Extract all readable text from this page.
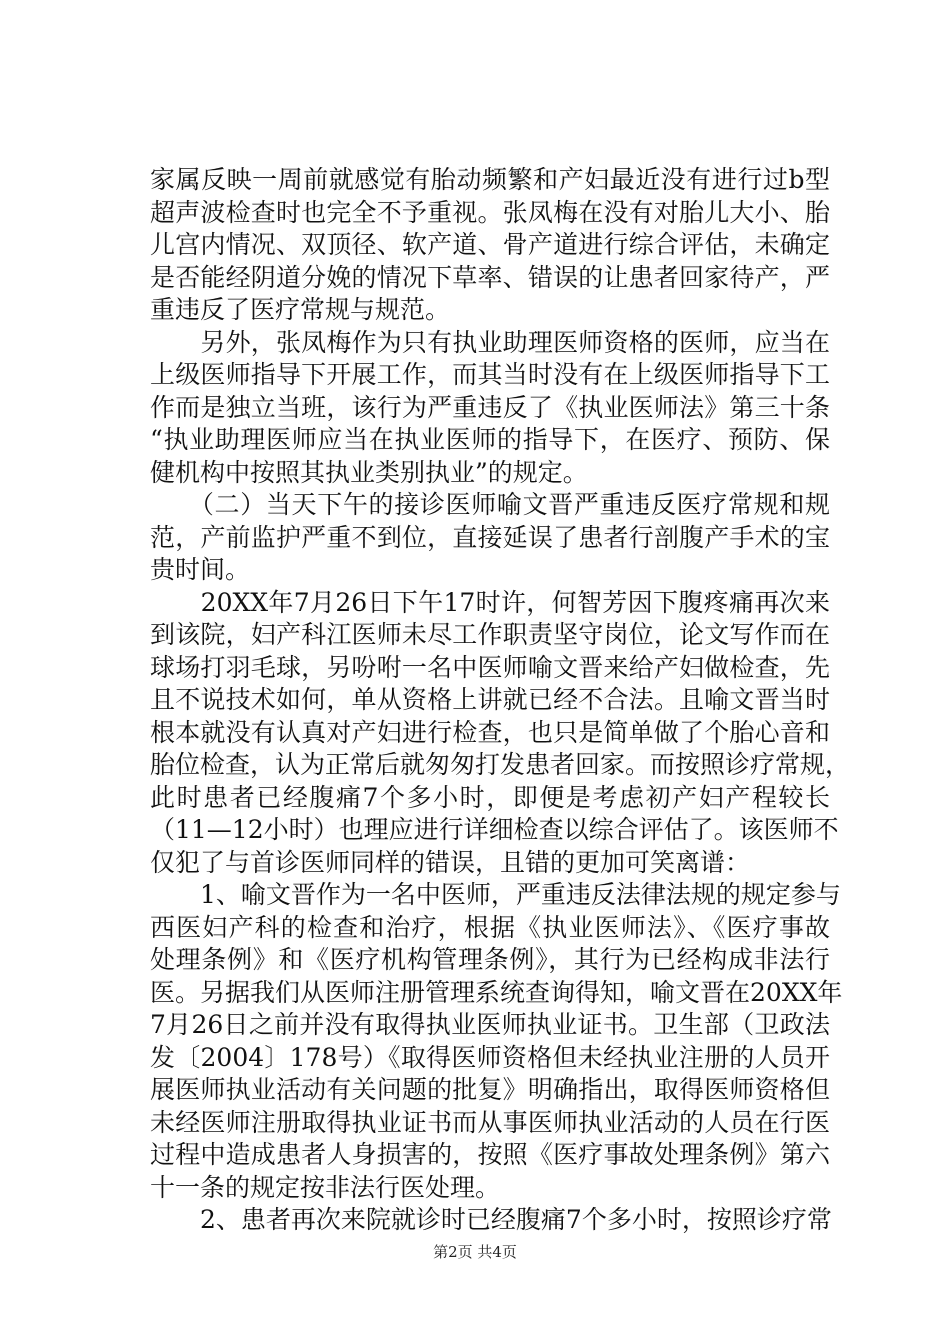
家属反映一周前就感觉有胎动频繁和产妇最近没有进行过b型
超声波检查时也完全不予重视。张凤梅在没有对胎儿大小、胎
儿宫内情况、双顶径、软产道、骨产道进行综合评估，未确定
是否能经阴道分娩的情况下草率、错误的让患者回家待产，严
重违反了医疗常规与规范。
　　另外，张凤梅作为只有执业助理医师资格的医师，应当在
上级医师指导下开展工作，而其当时没有在上级医师指导下工
作而是独立当班，该行为严重违反了《执业医师法》第三十条
“执业助理医师应当在执业医师的指导下，在医疗、预防、保
健机构中按照其执业类别执业”的规定。
　　（二）当天下午的接诊医师喻文晋严重违反医疗常规和规
范，产前监护严重不到位，直接延误了患者行剖腹产手术的宝
贵时间。
　　20XX年7月26日下午17时许，何智芳因下腹疼痛再次来
到该院，妇产科江医师未尽工作职责坚守岗位，论文写作而在
球场打羽毛球，另吩咐一名中医师喻文晋来给产妇做检查，先
且不说技术如何，单从资格上讲就已经不合法。且喻文晋当时
根本就没有认真对产妇进行检查，也只是简单做了个胎心音和
胎位检查，认为正常后就匆匆打发患者回家。而按照诊疗常规，
此时患者已经腹痛7个多小时，即便是考虑初产妇产程较长
（11—12小时）也理应进行详细检查以综合评估了。该医师不
仅犯了与首诊医师同样的错误，且错的更加可笑离谱：
　　1、喻文晋作为一名中医师，严重违反法律法规的规定参与
西医妇产科的检查和治疗，根据《执业医师法》、《医疗事故
处理条例》和《医疗机构管理条例》，其行为已经构成非法行
医。另据我们从医师注册管理系统查询得知，喻文晋在20XX年
7月26日之前并没有取得执业医师执业证书。卫生部（卫政法
发〔2004〕178号）《取得医师资格但未经执业注册的人员开
展医师执业活动有关问题的批复》明确指出，取得医师资格但
未经医师注册取得执业证书而从事医师执业活动的人员在行医
过程中造成患者人身损害的，按照《医疗事故处理条例》第六
十一条的规定按非法行医处理。
　　2、患者再次来院就诊时已经腹痛7个多小时，按照诊疗常
第2页 共4页
